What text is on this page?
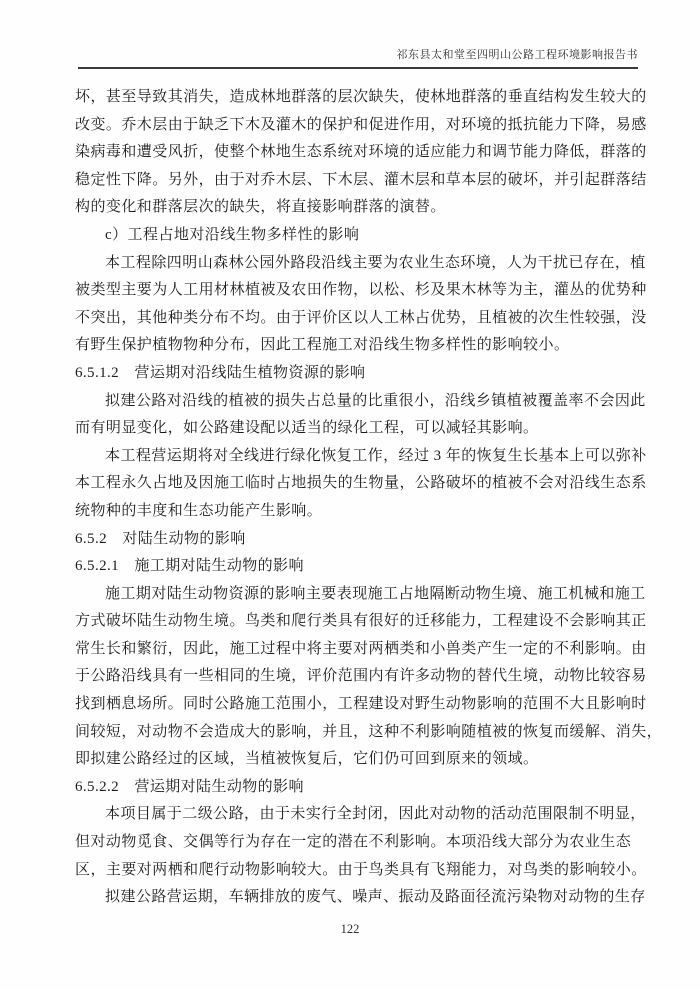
祁东县太和堂至四明山公路工程环境影响报告书
坏，甚至导致其消失，造成林地群落的层次缺失，使林地群落的垂直结构发生较大的
改变。乔木层由于缺乏下木及灌木的保护和促进作用，对环境的抵抗能力下降，易感
染病毒和遭受风折，使整个林地生态系统对环境的适应能力和调节能力降低，群落的
稳定性下降。另外，由于对乔木层、下木层、灌木层和草本层的破坏，并引起群落结
构的变化和群落层次的缺失，将直接影响群落的演替。
c）工程占地对沿线生物多样性的影响
本工程除四明山森林公园外路段沿线主要为农业生态环境，人为干扰已存在，植
被类型主要为人工用材林植被及农田作物，以松、杉及果木林等为主，灌丛的优势种
不突出，其他种类分布不均。由于评价区以人工林占优势，且植被的次生性较强，没
有野生保护植物物种分布，因此工程施工对沿线生物多样性的影响较小。
6.5.1.2　营运期对沿线陆生植物资源的影响
拟建公路对沿线的植被的损失占总量的比重很小，沿线乡镇植被覆盖率不会因此
而有明显变化，如公路建设配以适当的绿化工程，可以减轻其影响。
本工程营运期将对全线进行绿化恢复工作，经过 3 年的恢复生长基本上可以弥补
本工程永久占地及因施工临时占地损失的生物量，公路破坏的植被不会对沿线生态系
统物种的丰度和生态功能产生影响。
6.5.2　对陆生动物的影响
6.5.2.1　施工期对陆生动物的影响
施工期对陆生动物资源的影响主要表现施工占地隔断动物生境、施工机械和施工
方式破坏陆生动物生境。鸟类和爬行类具有很好的迁移能力，工程建设不会影响其正
常生长和繁衍，因此，施工过程中将主要对两栖类和小兽类产生一定的不利影响。由
于公路沿线具有一些相同的生境，评价范围内有许多动物的替代生境，动物比较容易
找到栖息场所。同时公路施工范围小，工程建设对野生动物影响的范围不大且影响时
间较短，对动物不会造成大的影响，并且，这种不利影响随植被的恢复而缓解、消失，
即拟建公路经过的区域，当植被恢复后，它们仍可回到原来的领域。
6.5.2.2　营运期对陆生动物的影响
本项目属于二级公路，由于未实行全封闭，因此对动物的活动范围限制不明显，
但对动物觅食、交偶等行为存在一定的潜在不利影响。本项沿线大部分为农业生态
区，主要对两栖和爬行动物影响较大。由于鸟类具有飞翔能力，对鸟类的影响较小。
拟建公路营运期，车辆排放的废气、噪声、振动及路面径流污染物对动物的生存
122
